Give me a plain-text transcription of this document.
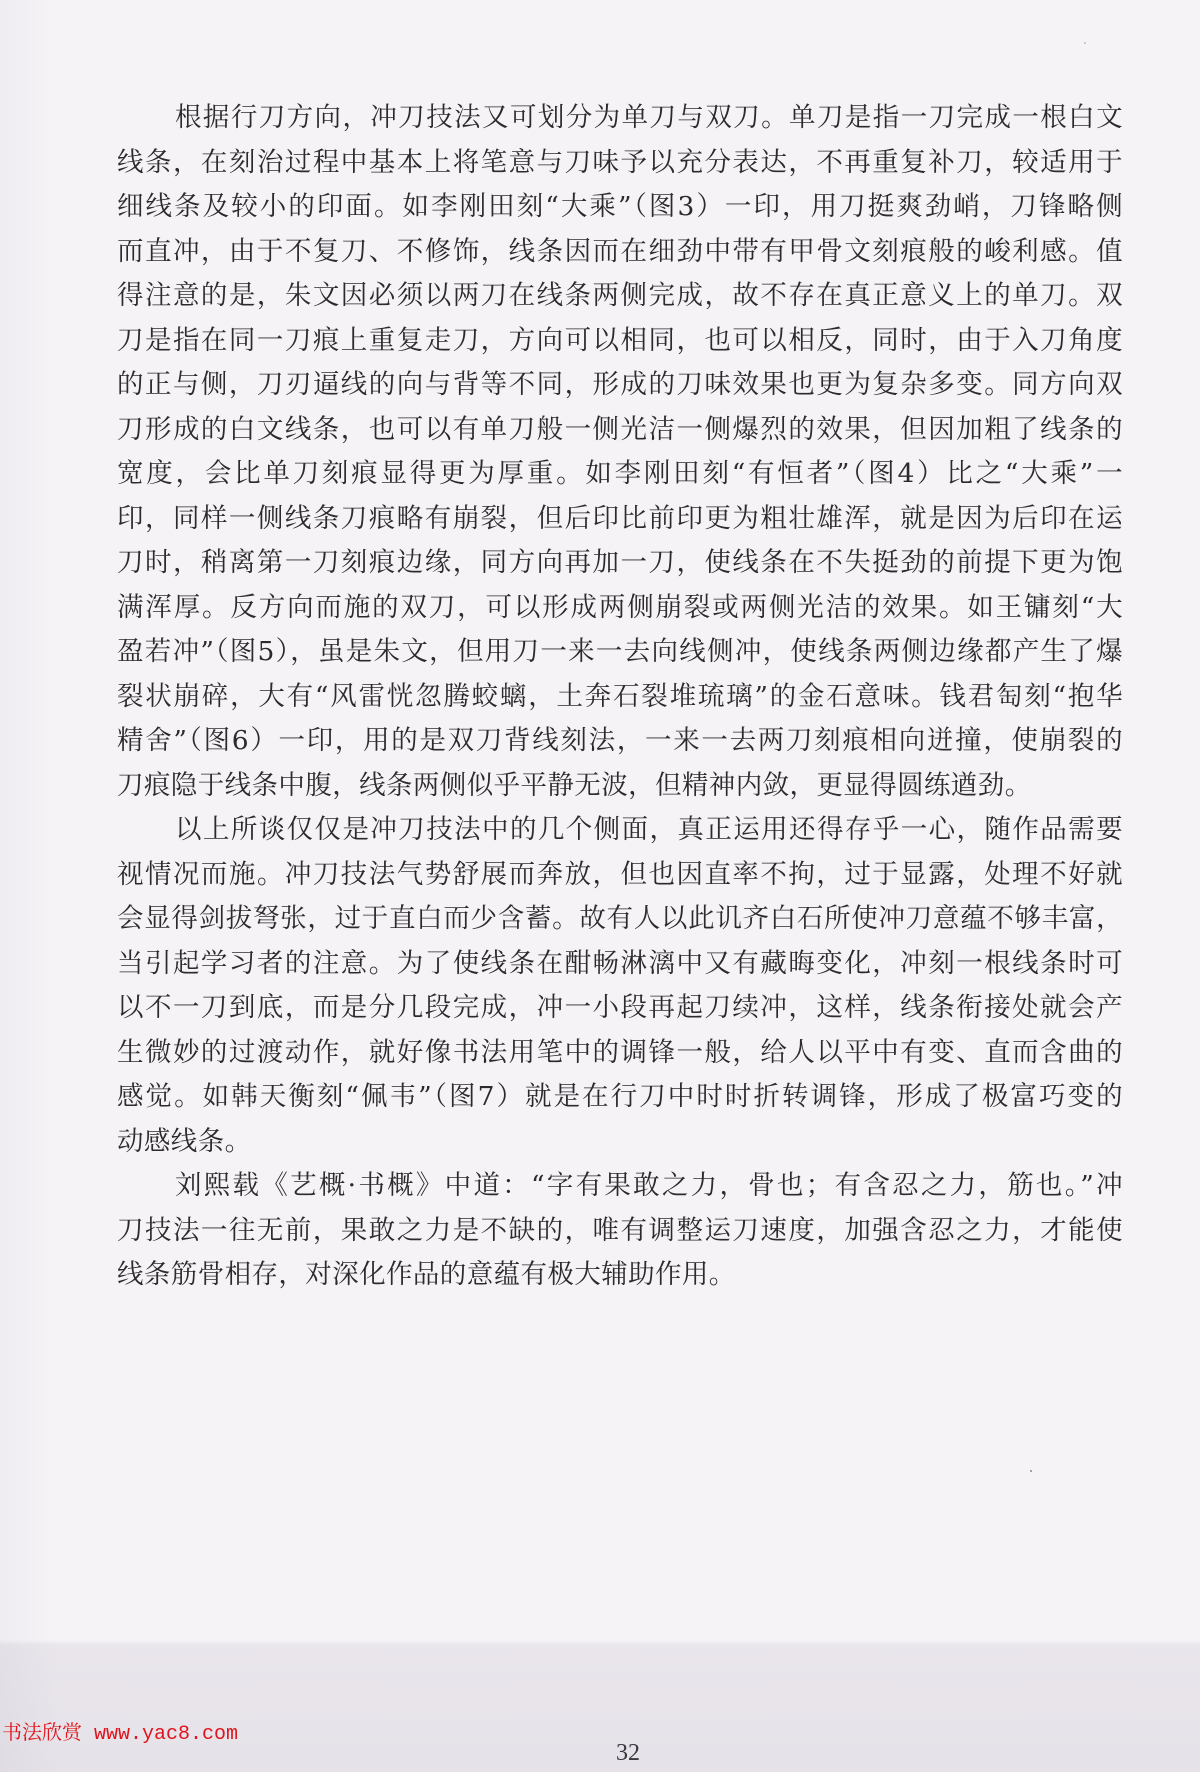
根据行刀方向，冲刀技法又可划分为单刀与双刀。单刀是指一刀完成一根白文
线条，在刻治过程中基本上将笔意与刀味予以充分表达，不再重复补刀，较适用于
细线条及较小的印面。如李刚田刻“大乘”（图3）一印，用刀挺爽劲峭，刀锋略侧
而直冲，由于不复刀、不修饰，线条因而在细劲中带有甲骨文刻痕般的峻利感。值
得注意的是，朱文因必须以两刀在线条两侧完成，故不存在真正意义上的单刀。双
刀是指在同一刀痕上重复走刀，方向可以相同，也可以相反，同时，由于入刀角度
的正与侧，刀刃逼线的向与背等不同，形成的刀味效果也更为复杂多变。同方向双
刀形成的白文线条，也可以有单刀般一侧光洁一侧爆烈的效果，但因加粗了线条的
宽度，会比单刀刻痕显得更为厚重。如李刚田刻“有恒者”（图4）比之“大乘”一
印，同样一侧线条刀痕略有崩裂，但后印比前印更为粗壮雄浑，就是因为后印在运
刀时，稍离第一刀刻痕边缘，同方向再加一刀，使线条在不失挺劲的前提下更为饱
满浑厚。反方向而施的双刀，可以形成两侧崩裂或两侧光洁的效果。如王镛刻“大
盈若冲”（图5），虽是朱文，但用刀一来一去向线侧冲，使线条两侧边缘都产生了爆
裂状崩碎，大有“风雷恍忽腾蛟螭，土奔石裂堆琉璃”的金石意味。钱君匋刻“抱华
精舍”（图6）一印，用的是双刀背线刻法，一来一去两刀刻痕相向迸撞，使崩裂的
刀痕隐于线条中腹，线条两侧似乎平静无波，但精神内敛，更显得圆练遒劲。
以上所谈仅仅是冲刀技法中的几个侧面，真正运用还得存乎一心，随作品需要
视情况而施。冲刀技法气势舒展而奔放，但也因直率不拘，过于显露，处理不好就
会显得剑拔弩张，过于直白而少含蓄。故有人以此讥齐白石所使冲刀意蕴不够丰富，
当引起学习者的注意。为了使线条在酣畅淋漓中又有藏晦变化，冲刻一根线条时可
以不一刀到底，而是分几段完成，冲一小段再起刀续冲，这样，线条衔接处就会产
生微妙的过渡动作，就好像书法用笔中的调锋一般，给人以平中有变、直而含曲的
感觉。如韩天衡刻“佩韦”（图7）就是在行刀中时时折转调锋，形成了极富巧变的
动感线条。
刘熙载《艺概·书概》中道：“字有果敢之力，骨也；有含忍之力，筋也。”冲
刀技法一往无前，果敢之力是不缺的，唯有调整运刀速度，加强含忍之力，才能使
线条筋骨相存，对深化作品的意蕴有极大辅助作用。
书法欣赏 www.yac8.com
32
